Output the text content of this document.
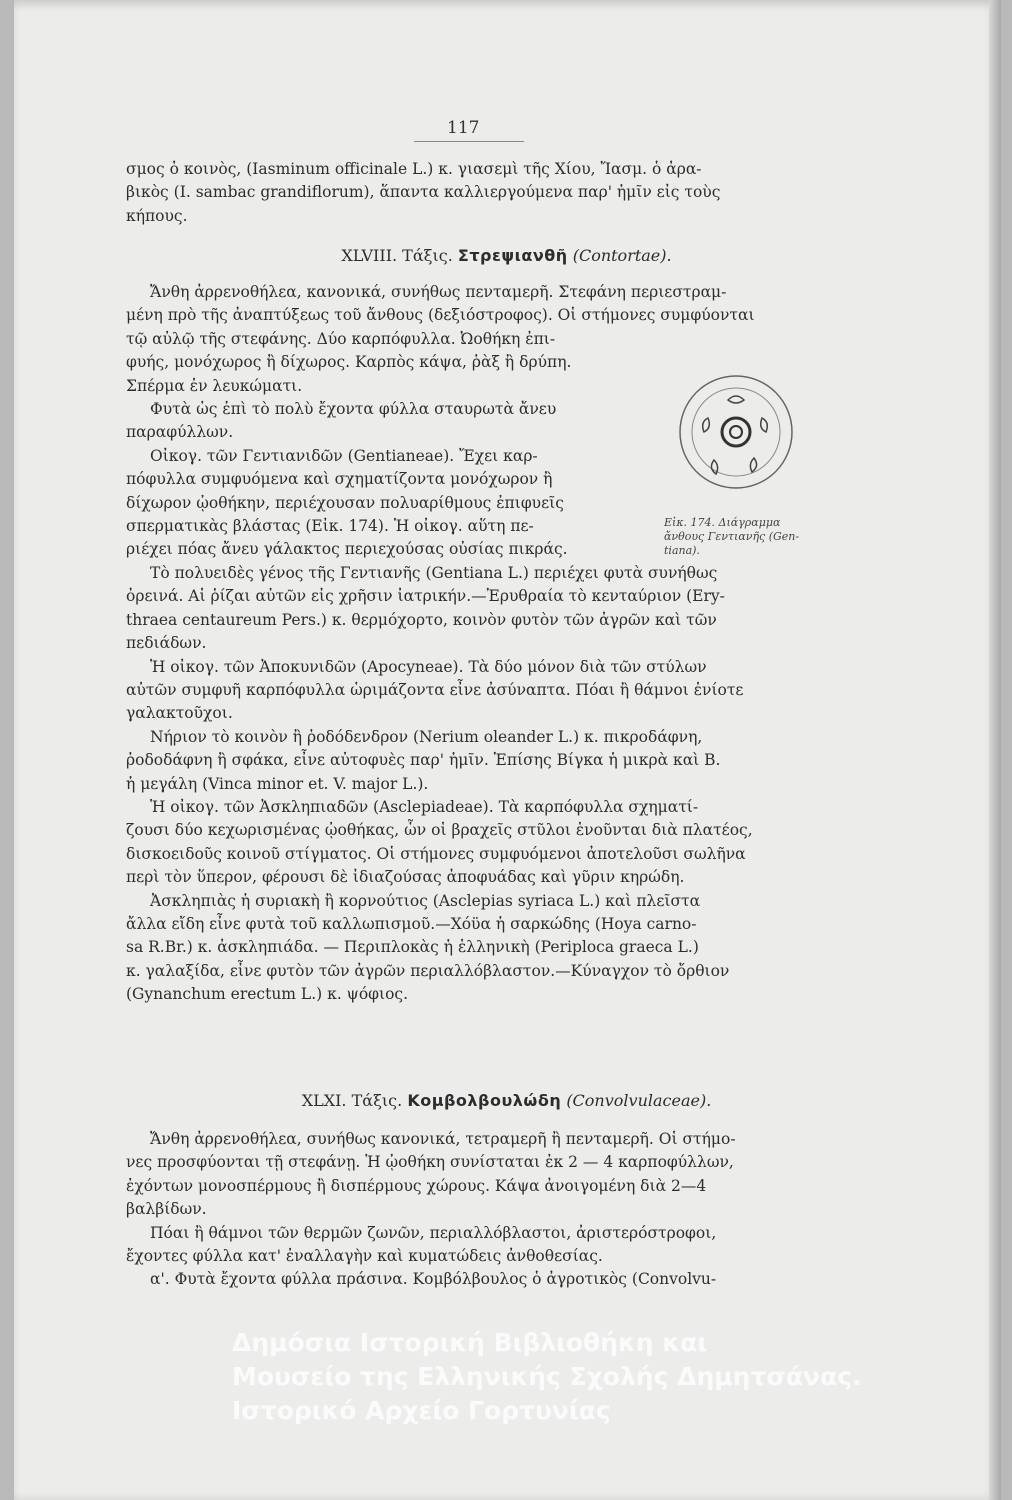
117
σμος ὁ κοινὸς, (Iasminum officinale L.) κ. γιασεμὶ τῆς Χίου, Ἴασμ. ὁ ἀρα-
βικὸς (I. sambac grandiflorum), ἅπαντα καλλιεργούμενα παρ' ἡμῖν εἰς τοὺς
κήπους.
XLVIII. Τάξις. Στρεψιανθῆ (Contortae).
Ἄνθη ἀρρενοθήλεα, κανονικά, συνήθως πενταμερῆ. Στεφάνη περιεστραμ-
μένη πρὸ τῆς ἀναπτύξεως τοῦ ἄνθους (δεξιόστροφος). Οἱ στήμονες συμφύονται
τῷ αὐλῷ τῆς στεφάνης. Δύο καρπόφυλλα. Ὠοθήκη ἐπι-
φυής, μονόχωρος ἢ δίχωρος. Καρπὸς κάψα, ῥὰξ ἢ δρύπη.
Σπέρμα ἐν λευκώματι.
Φυτὰ ὡς ἐπὶ τὸ πολὺ ἔχοντα φύλλα σταυρωτὰ ἄνευ
παραφύλλων.
Οἰκογ. τῶν Γεντιανιδῶν (Gentianeae). Ἔχει καρ-
πόφυλλα συμφυόμενα καὶ σχηματίζοντα μονόχωρον ἢ
δίχωρον ᾠοθήκην, περιέχουσαν πολυαρίθμους ἐπιφυεῖς
σπερματικὰς βλάστας (Εἰκ. 174). Ἡ οἰκογ. αὕτη πε-
ριέχει πόας ἄνευ γάλακτος περιεχούσας οὐσίας πικράς.
Τὸ πολυειδὲς γένος τῆς Γεντιανῆς (Gentiana L.) περιέχει φυτὰ συνήθως
ὀρεινά. Αἱ ῥίζαι αὐτῶν εἰς χρῆσιν ἰατρικήν.—Ἐρυθραία τὸ κενταύριον (Ery-
thraea centaureum Pers.) κ. θερμόχορτο, κοινὸν φυτὸν τῶν ἀγρῶν καὶ τῶν
πεδιάδων.
Ἡ οἰκογ. τῶν Ἀποκυνιδῶν (Apocyneae). Τὰ δύο μόνον διὰ τῶν στύλων
αὐτῶν συμφυῆ καρπόφυλλα ὡριμάζοντα εἶνε ἀσύναπτα. Πόαι ἢ θάμνοι ἐνίοτε
γαλακτοῦχοι.
Νήριον τὸ κοινὸν ἢ ῥοδόδενδρον (Nerium oleander L.) κ. πικροδάφνη,
ῥοδοδάφνη ἢ σφάκα, εἶνε αὐτοφυὲς παρ' ἡμῖν. Ἐπίσης Βίγκα ἡ μικρὰ καὶ Β.
ἡ μεγάλη (Vinca minor et. V. major L.).
Ἡ οἰκογ. τῶν Ἀσκληπιαδῶν (Asclepiadeae). Τὰ καρπόφυλλα σχηματί-
ζουσι δύο κεχωρισμένας ᾠοθήκας, ὧν οἱ βραχεῖς στῦλοι ἑνοῦνται διὰ πλατέος,
δισκοειδοῦς κοινοῦ στίγματος. Οἱ στήμονες συμφυόμενοι ἀποτελοῦσι σωλῆνα
περὶ τὸν ὕπερον, φέρουσι δὲ ἰδιαζούσας ἀποφυάδας καὶ γῦριν κηρώδη.
Ἀσκληπιὰς ἡ συριακὴ ἢ κορνούτιος (Asclepias syriaca L.) καὶ πλεῖστα
ἄλλα εἴδη εἶνε φυτὰ τοῦ καλλωπισμοῦ.—Χόϋα ἡ σαρκώδης (Hoya carno-
sa R.Br.) κ. ἀσκληπιάδα. — Περιπλοκὰς ἡ ἑλληνικὴ (Periploca graeca L.)
κ. γαλαξίδα, εἶνε φυτὸν τῶν ἀγρῶν περιαλλόβλαστον.—Κύναγχον τὸ ὄρθιον
(Gynanchum erectum L.) κ. ψόφιος.
XLXI. Τάξις. Κομβολβουλώδη (Convolvulaceae).
Ἄνθη ἀρρενοθήλεα, συνήθως κανονικά, τετραμερῆ ἢ πενταμερῆ. Οἱ στήμο-
νες προσφύονται τῇ στεφάνῃ. Ἡ ᾠοθήκη συνίσταται ἐκ 2 — 4 καρποφύλλων,
ἐχόντων μονοσπέρμους ἢ δισπέρμους χώρους. Κάψα ἀνοιγομένη διὰ 2—4
βαλβίδων.
Πόαι ἢ θάμνοι τῶν θερμῶν ζωνῶν, περιαλλόβλαστοι, ἀριστερόστροφοι,
ἔχοντες φύλλα κατ' ἐναλλαγὴν καὶ κυματώδεις ἀνθοθεσίας.
α'. Φυτὰ ἔχοντα φύλλα πράσινα. Κομβόλβουλος ὁ ἀγροτικὸς (Convolvu-
Εἰκ. 174. Διάγραμμα
ἄνθους Γεντιανῆς (Gen-
tiana).
Δημόσια Ιστορική Βιβλιοθήκη και
Μουσείο της Ελληνικής Σχολής Δημητσάνας.
Ιστορικό Αρχείο Γορτυνίας
